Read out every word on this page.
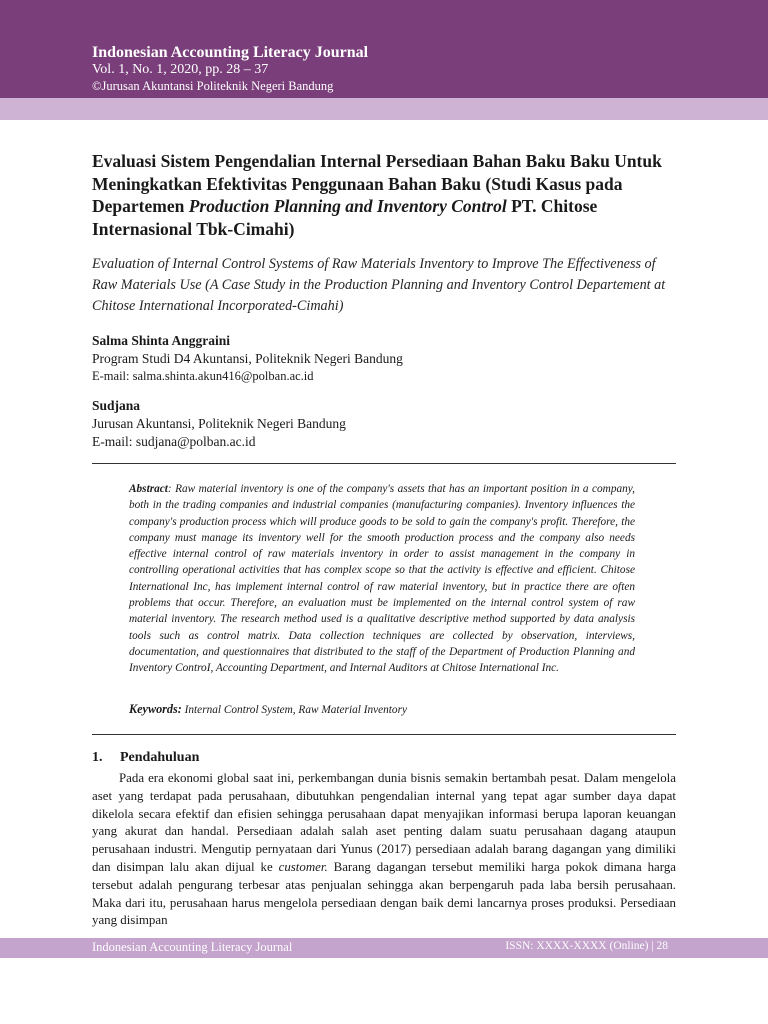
Indonesian Accounting Literacy Journal
Vol. 1, No. 1, 2020, pp. 28 – 37
©Jurusan Akuntansi Politeknik Negeri Bandung
Evaluasi Sistem Pengendalian Internal Persediaan Bahan Baku Baku Untuk Meningkatkan Efektivitas Penggunaan Bahan Baku (Studi Kasus pada Departemen Production Planning and Inventory Control PT. Chitose Internasional Tbk-Cimahi)

Evaluation of Internal Control Systems of Raw Materials Inventory to Improve The Effectiveness of Raw Materials Use (A Case Study in the Production Planning and Inventory Control Departement at Chitose International Incorporated-Cimahi)

Salma Shinta Anggraini
Program Studi D4 Akuntansi, Politeknik Negeri Bandung
E-mail: salma.shinta.akun416@polban.ac.id
Sudjana
Jurusan Akuntansi, Politeknik Negeri Bandung
E-mail: sudjana@polban.ac.id
Abstract: Raw material inventory is one of the company's assets that has an important position in a company, both in the trading companies and industrial companies (manufacturing companies). Inventory influences the company's production process which will produce goods to be sold to gain the company's profit. Therefore, the company must manage its inventory well for the smooth production process and the company also needs effective internal control of raw materials inventory in order to assist management in the company in controlling operational activities that has complex scope so that the activity is effective and efficient. Chitose International Inc, has implement internal control of raw material inventory, but in practice there are often problems that occur. Therefore, an evaluation must be implemented on the internal control system of raw material inventory. The research method used is a qualitative descriptive method supported by data analysis tools such as control matrix. Data collection techniques are collected by observation, interviews, documentation, and questionnaires that distributed to the staff of the Department of Production Planning and Inventory ControI, Accounting Department, and Internal Auditors at Chitose International Inc.
Keywords: Internal Control System, Raw Material Inventory
1. Pendahuluan

Pada era ekonomi global saat ini, perkembangan dunia bisnis semakin bertambah pesat. Dalam mengelola aset yang terdapat pada perusahaan, dibutuhkan pengendalian internal yang tepat agar sumber daya dapat dikelola secara efektif dan efisien sehingga perusahaan dapat menyajikan informasi berupa laporan keuangan yang akurat dan handal. Persediaan adalah salah aset penting dalam suatu perusahaan dagang ataupun perusahaan industri. Mengutip pernyataan dari Yunus (2017) persediaan adalah barang dagangan yang dimiliki dan disimpan lalu akan dijual ke customer. Barang dagangan tersebut memiliki harga pokok dimana harga tersebut adalah pengurang terbesar atas penjualan sehingga akan berpengaruh pada laba bersih perusahaan. Maka dari itu, perusahaan harus mengelola persediaan dengan baik demi lancarnya proses produksi. Persediaan yang disimpan

Indonesian Accounting Literacy Journal	ISSN: XXXX-XXXX (Online) | 28
